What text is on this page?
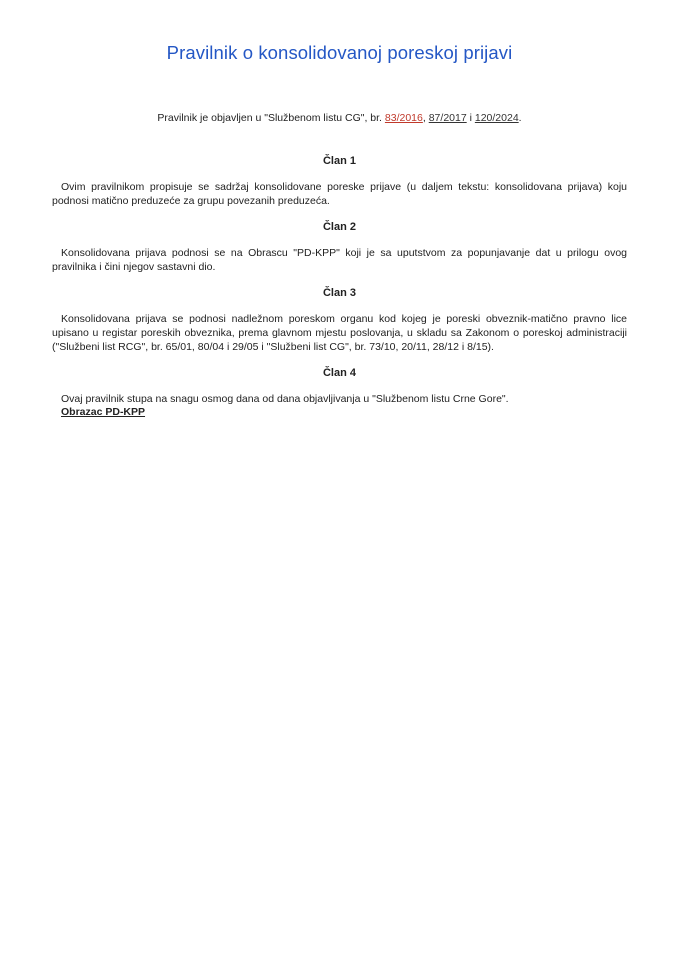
Pravilnik o konsolidovanoj poreskoj prijavi

Pravilnik je objavljen u "Službenom listu CG", br. 83/2016, 87/2017 i 120/2024.

Član 1

Ovim pravilnikom propisuje se sadržaj konsolidovane poreske prijave (u daljem tekstu: konsolidovana prijava) koju podnosi matično preduzeće za grupu povezanih preduzeća.

Član 2

Konsolidovana prijava podnosi se na Obrascu "PD-KPP" koji je sa uputstvom za popunjavanje dat u prilogu ovog pravilnika i čini njegov sastavni dio.

Član 3

Konsolidovana prijava se podnosi nadležnom poreskom organu kod kojeg je poreski obveznik-matično pravno lice upisano u registar poreskih obveznika, prema glavnom mjestu poslovanja, u skladu sa Zakonom o poreskoj administraciji ("Službeni list RCG", br. 65/01, 80/04 i 29/05 i "Službeni list CG", br. 73/10, 20/11, 28/12 i 8/15).

Član 4

Ovaj pravilnik stupa na snagu osmog dana od dana objavljivanja u "Službenom listu Crne Gore".

Obrazac PD-KPP
